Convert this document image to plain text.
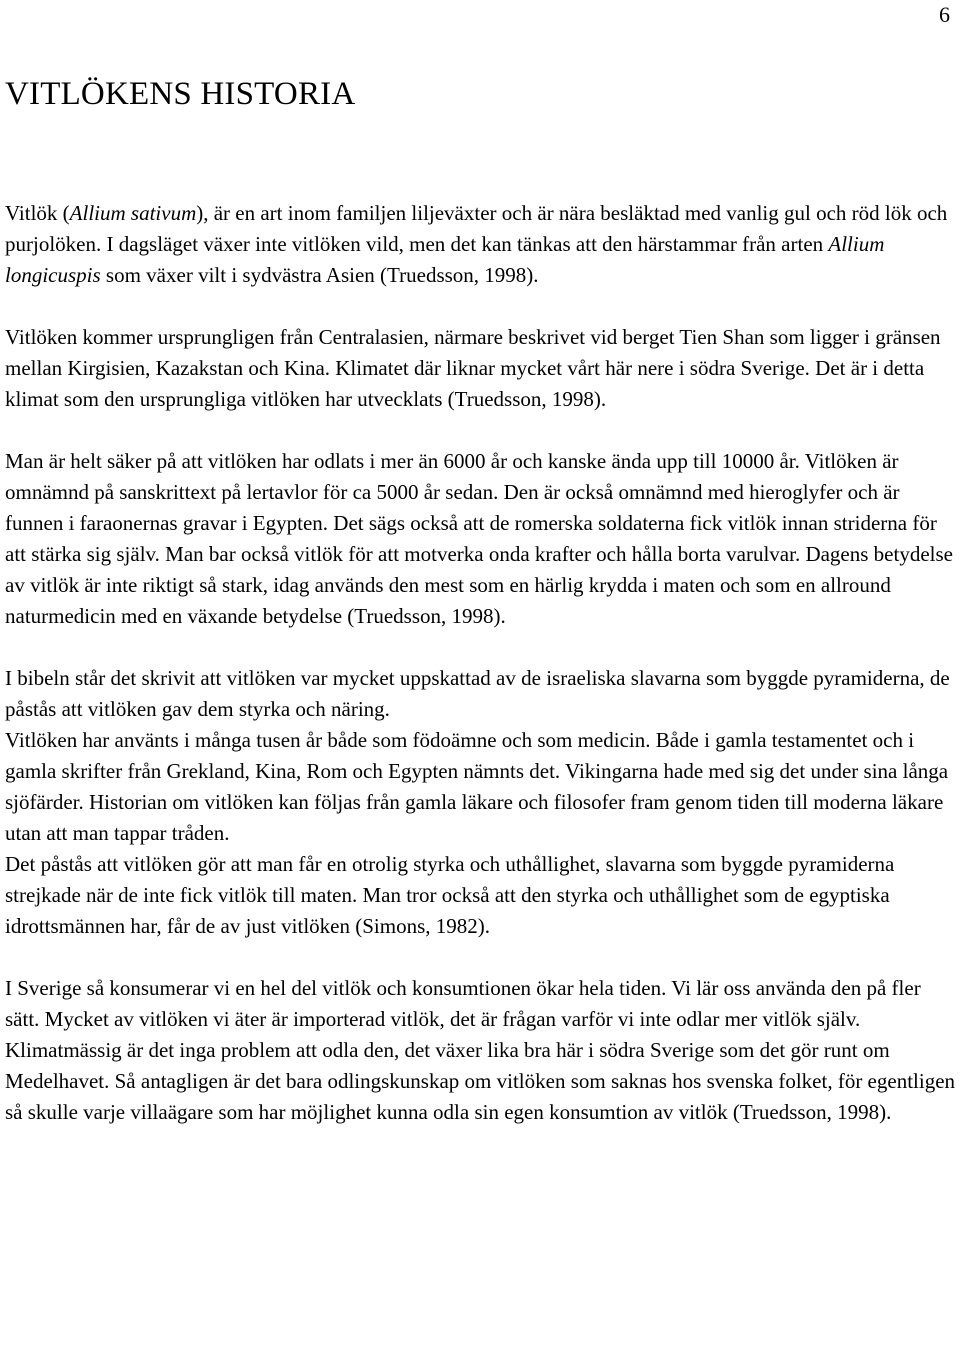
6
VITLÖKENS HISTORIA

Vitlök (Allium sativum), är en art inom familjen liljeväxter och är nära besläktad med vanlig gul och röd lök och purjolöken. I dagsläget växer inte vitlöken vild, men det kan tänkas att den härstammar från arten Allium longicuspis som växer vilt i sydvästra Asien (Truedsson, 1998).

Vitlöken kommer ursprungligen från Centralasien, närmare beskrivet vid berget Tien Shan som ligger i gränsen mellan Kirgisien, Kazakstan och Kina. Klimatet där liknar mycket vårt här nere i södra Sverige. Det är i detta klimat som den ursprungliga vitlöken har utvecklats (Truedsson, 1998).

Man är helt säker på att vitlöken har odlats i mer än 6000 år och kanske ända upp till 10000 år. Vitlöken är omnämnd på sanskrittext på lertavlor för ca 5000 år sedan. Den är också omnämnd med hieroglyfer och är funnen i faraonernas gravar i Egypten. Det sägs också att de romerska soldaterna fick vitlök innan striderna för att stärka sig själv. Man bar också vitlök för att motverka onda krafter och hålla borta varulvar. Dagens betydelse av vitlök är inte riktigt så stark, idag används den mest som en härlig krydda i maten och som en allround naturmedicin med en växande betydelse (Truedsson, 1998).

I bibeln står det skrivit att vitlöken var mycket uppskattad av de israeliska slavarna som byggde pyramiderna, de påstås att vitlöken gav dem styrka och näring.

Vitlöken har använts i många tusen år både som födoämne och som medicin. Både i gamla testamentet och i gamla skrifter från Grekland, Kina, Rom och Egypten nämnts det. Vikingarna hade med sig det under sina långa sjöfärder. Historian om vitlöken kan följas från gamla läkare och filosofer fram genom tiden till moderna läkare utan att man tappar tråden.

Det påstås att vitlöken gör att man får en otrolig styrka och uthållighet, slavarna som byggde pyramiderna strejkade när de inte fick vitlök till maten. Man tror också att den styrka och uthållighet som de egyptiska idrottsmännen har, får de av just vitlöken (Simons, 1982).

I Sverige så konsumerar vi en hel del vitlök och konsumtionen ökar hela tiden. Vi lär oss använda den på fler sätt. Mycket av vitlöken vi äter är importerad vitlök, det är frågan varför vi inte odlar mer vitlök själv. Klimatmässig är det inga problem att odla den, det växer lika bra här i södra Sverige som det gör runt om Medelhavet. Så antagligen är det bara odlingskunskap om vitlöken som saknas hos svenska folket, för egentligen så skulle varje villaägare som har möjlighet kunna odla sin egen konsumtion av vitlök (Truedsson, 1998).
